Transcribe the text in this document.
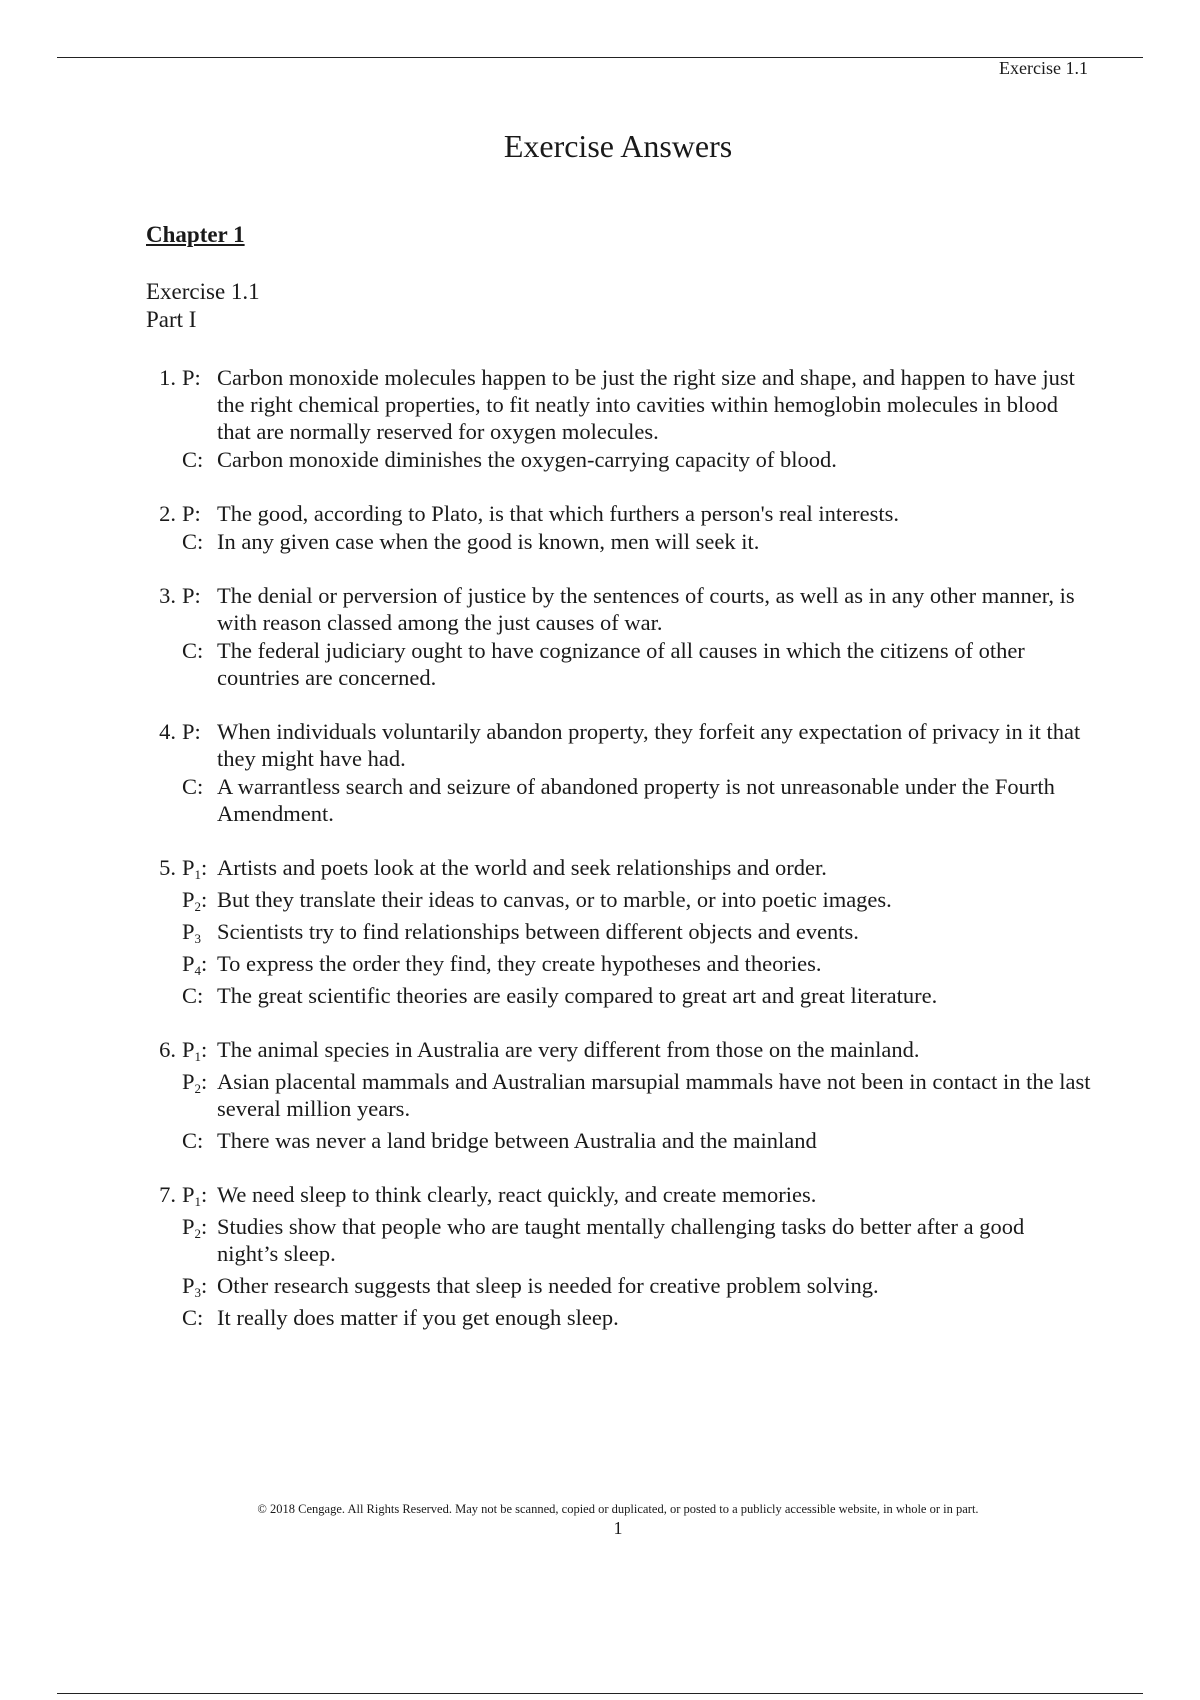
Exercise 1.1
Exercise Answers
Chapter 1
Exercise 1.1
Part I
1. P: Carbon monoxide molecules happen to be just the right size and shape, and happen to have just the right chemical properties, to fit neatly into cavities within hemoglobin molecules in blood that are normally reserved for oxygen molecules.
C: Carbon monoxide diminishes the oxygen-carrying capacity of blood.
2. P: The good, according to Plato, is that which furthers a person's real interests.
C: In any given case when the good is known, men will seek it.
3. P: The denial or perversion of justice by the sentences of courts, as well as in any other manner, is with reason classed among the just causes of war.
C: The federal judiciary ought to have cognizance of all causes in which the citizens of other countries are concerned.
4. P: When individuals voluntarily abandon property, they forfeit any expectation of privacy in it that they might have had.
C: A warrantless search and seizure of abandoned property is not unreasonable under the Fourth Amendment.
5. $P_1$: Artists and poets look at the world and seek relationships and order.
$P_2$: But they translate their ideas to canvas, or to marble, or into poetic images.
$P_3$ Scientists try to find relationships between different objects and events.
$P_4$: To express the order they find, they create hypotheses and theories.
C: The great scientific theories are easily compared to great art and great literature.
6. $P_1$: The animal species in Australia are very different from those on the mainland.
$P_2$: Asian placental mammals and Australian marsupial mammals have not been in contact in the last several million years.
C: There was never a land bridge between Australia and the mainland
7. $P_1$: We need sleep to think clearly, react quickly, and create memories.
$P_2$: Studies show that people who are taught mentally challenging tasks do better after a good night’s sleep.
$P_3$: Other research suggests that sleep is needed for creative problem solving.
C: It really does matter if you get enough sleep.
© 2018 Cengage. All Rights Reserved. May not be scanned, copied or duplicated, or posted to a publicly accessible website, in whole or in part.
1
